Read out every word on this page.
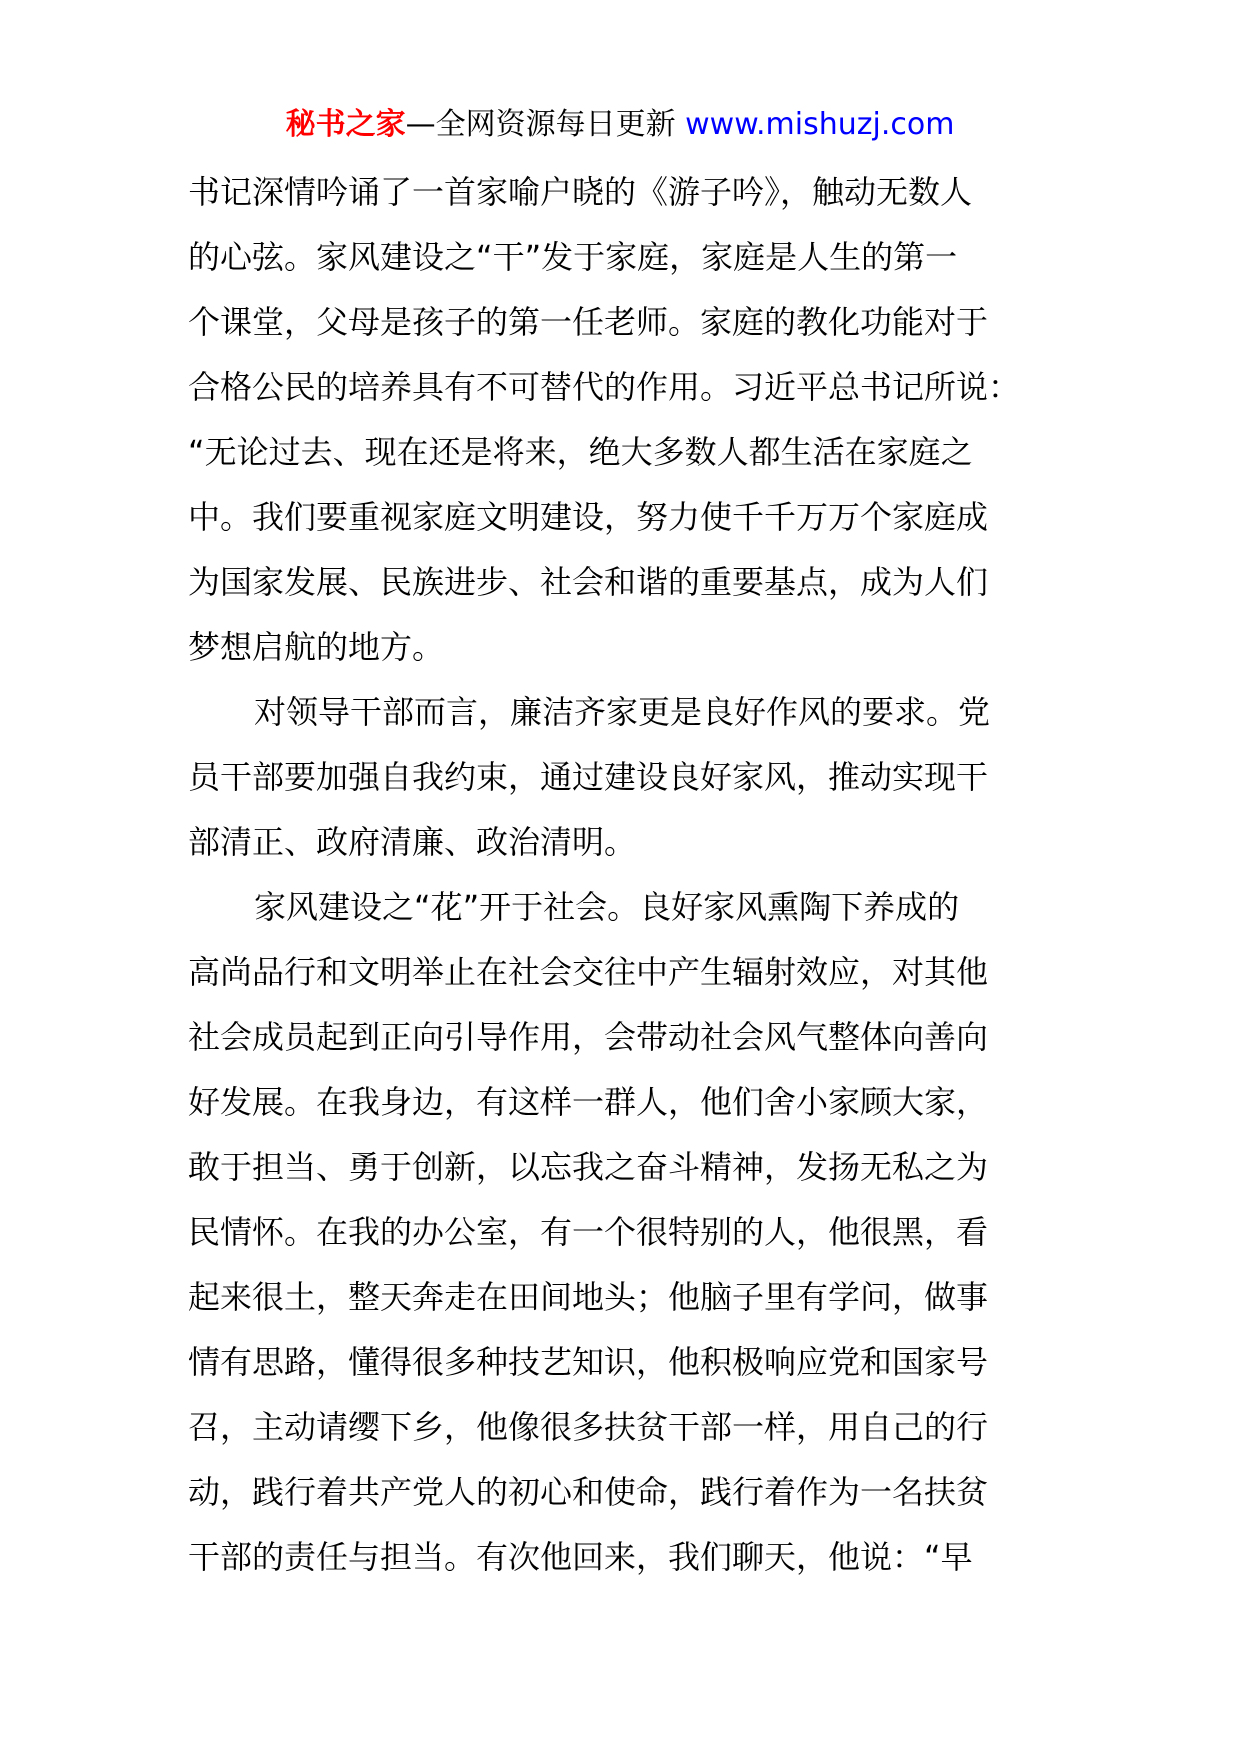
秘书之家—全网资源每日更新 www.mishuzj.com
书记深情吟诵了一首家喻户晓的《游子吟》，触动无数人
的心弦。家风建设之“干”发于家庭，家庭是人生的第一
个课堂，父母是孩子的第一任老师。家庭的教化功能对于
合格公民的培养具有不可替代的作用。习近平总书记所说：
“无论过去、现在还是将来，绝大多数人都生活在家庭之
中。我们要重视家庭文明建设，努力使千千万万个家庭成
为国家发展、民族进步、社会和谐的重要基点，成为人们
梦想启航的地方。
对领导干部而言，廉洁齐家更是良好作风的要求。党
员干部要加强自我约束，通过建设良好家风，推动实现干
部清正、政府清廉、政治清明。
家风建设之“花”开于社会。良好家风熏陶下养成的
高尚品行和文明举止在社会交往中产生辐射效应，对其他
社会成员起到正向引导作用，会带动社会风气整体向善向
好发展。在我身边，有这样一群人，他们舍小家顾大家，
敢于担当、勇于创新，以忘我之奋斗精神，发扬无私之为
民情怀。在我的办公室，有一个很特别的人，他很黑，看
起来很土，整天奔走在田间地头；他脑子里有学问，做事
情有思路，懂得很多种技艺知识，他积极响应党和国家号
召，主动请缨下乡，他像很多扶贫干部一样，用自己的行
动，践行着共产党人的初心和使命，践行着作为一名扶贫
干部的责任与担当。有次他回来，我们聊天，他说：“早
